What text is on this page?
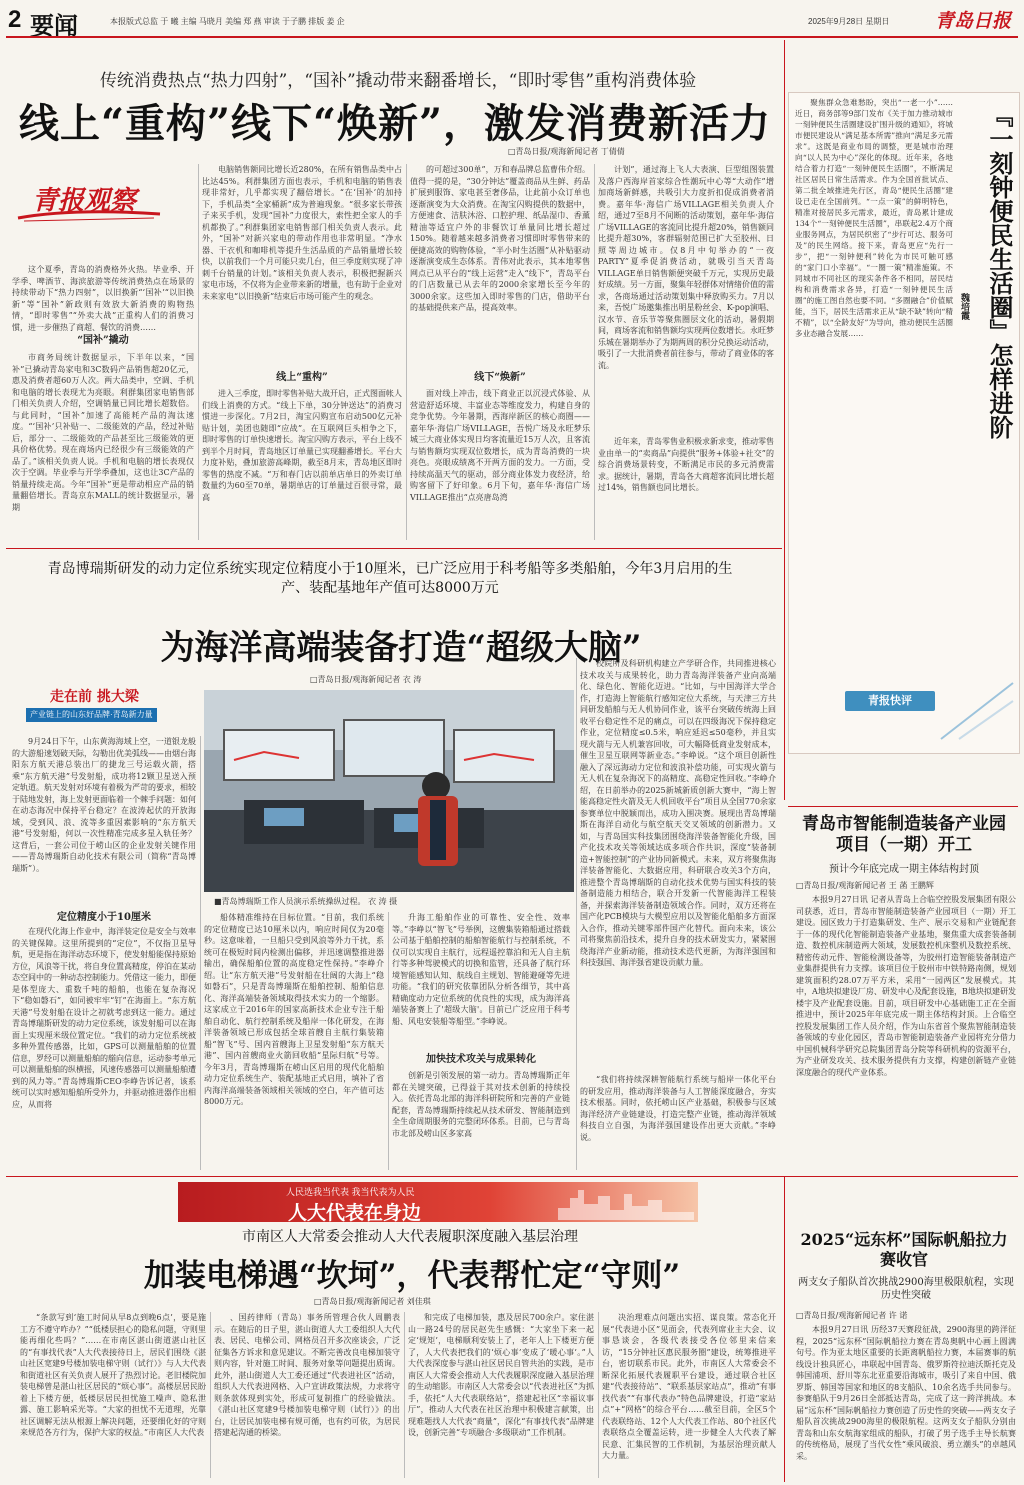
2 要闻	本报版式总监 于 曦 主编 马晓月 美编 郑 燕 审读 于子鹏 排版 姜 企	2025年9月28日 星期日 青岛日报
传统消费热点“热力四射”，“国补”撬动带来翻番增长，“即时零售”重构消费体验
线上“重构”线下“焕新”，激发消费新活力
□青岛日报/观海新闻记者 丁倩倩
青报观察

这个夏季，青岛的消费格外火热。毕业季、开学季、啤酒节、海滨旅游等传统消费热点在场景的持续带动下“热力四射”，以旧换新“‘国补’“以旧换新”等“国补”新政则有效放大新消费的购物热情，“即时零售”“外卖大战”正重构人们的消费习惯，进一步催热了商超、餐饮的消费……

“国补”撬动

市商务局统计数据显示，下半年以来，“国补”已撬动青岛家电和3C数码产品销售超20亿元，惠及消费者超60万人次。两大品类中，空调、手机和电脑的增长表现尤为亮眼。利群集团家电销售部门相关负责人介绍，空调销量已同比增长超数倍。与此同时，“国补”加速了高能耗产品的淘汰速度。“‘国补’只补贴一、二级能效的产品，经过补贴后，部分一、二级能效的产品甚至比三级能效的更具价格优势。现在商场内已经很少有三级能效的产品了。”该相关负责人说。手机和电脑的增长表现仅次于空调。毕业季与开学季叠加，这也让3C产品的销量持续走高。今年“国补”更是带动相应产品的销量翻倍增长。青岛京东MALL的统计数据显示，暑期

电脑销售额同比增长近280%，在所有销售品类中占比达45%。利群集团方面也表示，手机和电脑的销售表现非常好，几乎都实现了翻倍增长。“在‘国补’的加持下，手机品类“全家桶新”成为普遍现象。“很多家长带孩子来买手机，发现“国补”力度很大，索性把全家人的手机都换了。”利群集团家电销售部门相关负责人表示。此外，“国补”对新兴家电的带动作用也非常明显。“净水器、干衣机和咖啡机等提升生活品质的产品销量增长较快，以前我们一个月可能只卖几台，但三季度则实现了冲刺千台销量的计划。”该相关负责人表示，积极把握新兴家电市场，不仅将为企业带来新的增量，也有助于企业对未来家电“以旧换新”结束后市场可能产生的观念。

线上“重构”

进入三季度，即时零售补贴大战开启，正式图面帐人们线上消费的方式。“线上下单，30分钟送达”的消费习惯进一步深化。7月2日，淘宝闪购宣布启动500亿元补贴计划，美团也随即“应战”。在互联网巨头相争之下，即时零售的订单快速增长。淘宝闪购方表示，平台上线不到半个月时间，青岛地区订单量已实现翻番增长。平台大力度补贴，叠加旅游高峰期，截至8月末，青岛地区即时零售的热度不减。“万和春门店以前单店单日的外卖订单数量约为60至70单，暑期单店的订单量过百很寻常，最高

的可超过300单”，万和春品牌总监曹伟介绍。值得一提的是，“30分钟达”覆盖商品从生鲜、药品扩展到服饰、家电甚至奢侈品，让此前小众订单也逐渐演变为大众消费。在淘宝闪购提供的数据中，方便速食、洁肤沐浴、口腔护理、纸品湿巾、香薰精油等适宜户外的非餐饮订单量同比增长超过150%。随着越来越多消费者习惯即时零售带来的便捷高效的购物体验，“半小时生活圈”从补贴驱动逐渐演变成生态体系。青伟对此表示，其本地零售网点已从平台的“线上运营”走入“线下”，青岛平台的门店数量已从去年的2000余家增长至今年的3000余家。这些加入即时零售的门店，借助平台的基础提供来产品，提高效率。

线下“焕新”

面对线上冲击，线下商业正以沉浸式体验、从营造舒适环境、丰富业态等维度发力，构建自身的竞争优势。今年暑期，西海岸新区的核心商圈——嘉年华·海信广场VILLAGE，吾悦广场及永旺梦乐城三大商业体实现日均客流量近15万人次，且客流与销售额均实现双位数增长，成为青岛消费的一块亮色。亮眼成绩离不开两方面的发力。一方面，受持续高温天气的驱动，部分商业体发力夜经济，给购客留下了好印象。6月下旬，嘉年华·海信广场VILLAGE推出“点亮唐岛湾

计划”，通过海上飞人大表演、巨型组图装置及落户西海岸首家综合性潮玩中心等“大动作”增加商场新鲜感，共吸引大力度折扣促成消费者消费。嘉年华·海信广场VILLAGE相关负责人介绍，通过7至8月不间断的活动策划，嘉年华·海信广场VILLAGE的客流同比提升超20%，销售额同比提升超30%，客群辐射范围已扩大至胶州、日照等周边城市。仅8月中旬举办的“一夜PARTY”夏季促消费活动，就吸引当天青岛VILLAGE单日销售额便突破千万元，实现历史最好成绩。另一方面，聚集年轻群体对情绪价值的需求，各商场通过活动策划集中释放购买力。7月以来，吾悦广场邀集推出明星粉丝会、K-pop演唱、汉水节、音乐节等聚焦圈层文化的活动，暑假期间，商场客流和销售额均实现两位数增长。永旺梦乐城在暑期举办了为期两周的积分兑换运动活动，吸引了一大批消费者前往参与，带动了商业体的客流。

近年来，青岛零售业积极求新求变，推动零售业由单一的“卖商品”向提供“服务+体验+社交”的综合消费场景转变，不断满足市民的多元消费需求。据统计，暑期，青岛各大商超客流同比增长超过14%，销售额也同比增长。

『一刻钟便民生活圈』怎样进阶
魏培霞

聚焦群众急难愁盼，突出“一老一小”……近日，商务部等9部门发布《关于加力推动城市一刻钟便民生活圈建设扩围升级的通知》，将城市便民建设从“满足基本所需”推向“满足多元需求”。这既是商业布局的调整，更是城市治理向“以人民为中心”深化的体现。近年来，各地结合着力打造“一刻钟便民生活圈”，不断满足社区居民日常生活需求。作为全国首批试点、第二批全域推进先行区，青岛“便民生活圈”建设已走在全国前列。“一点一策”的鲜明特色，精准对接居民多元需求，最近，青岛累计建成134个“一刻钟便民生活圈”，串联起2.4万个商业服务网点，为居民织密了“步行可达、服务可及”的民生网络。接下来，青岛更应“先行一步”，把“一刻钟便利”转化为市民可触可感的“家门口小幸福”。“一圈一策”精准施策。不同城市不同社区的现实条件各不相同，居民结构和消费需求各异，打造“一刻钟便民生活圈”的施工图自然也要不同。“多圈融合”价值赋能，当下，居民生活需求正从“缺不缺”转向“精不精”，以“全龄友好”为导向，推动便民生活圈多业态融合发展……

青报快评
青岛博瑞斯研发的动力定位系统实现定位精度小于10厘米，已广泛应用于科考船等多类船舶，今年3月启用的生产、装配基地年产值可达8000万元
为海洋高端装备打造“超级大脑”
□青岛日报/观海新闻记者 衣 涛
走在前 挑大梁
产业链上的山东好品牌·青岛新力量

9月24日下午，山东黄海海域上空，一道银龙般的大游船速划破天际，勾勒出优美弧线——由烟台海阳东方航天港总装出厂的捷龙三号运载火箭，搭乘“东方航天港”号发射船，成功将12颗卫星送入预定轨道。航天发射对环境有着极为严苛的要求，相较于陆地发射，海上发射更面临着一个棘手问题：如何在动态海况中保持平台稳定？在波涛起伏的开放海域，受到风、浪、流等多重因素影响的“东方航天港”号发射船，何以一次性精准完成多星入轨任务？这背后，一套公司位于崂山区的企业发射关键作用——青岛博瑞斯自动化技术有限公司（简称“青岛博瑞斯”）。

定位精度小于10厘米

在现代化海上作业中，海洋装定位是安全与效率的关键保障。这里所提到的“定位”，不仅指卫星导航，更是指在海洋动态环境下，使发射船能保持原始方位，风浪等干扰，将自身位置高精度，停泊在某动态空间中的一种动态控制能力。凭借这一能力，即便是体型庞大、重数千吨的船舶，也能在复杂海况下“稳如磐石”，如同被牢牢“钉”在海面上。“东方航天港”号发射船在设计之初就考虑到这一能力。通过青岛博瑞斯研发的动力定位系统，该发射船可以在海面上实现厘米级位置定位。“我们的动力定位系统被多种外置传感器，比如，GPS可以测量船舶的位置信息，罗经可以测量船舶的艏向信息，运动参考单元可以测量船舶的纵横摇，风速传感器可以测量船舶遭到的风力等。”青岛博瑞斯CEO李峥告诉记者，该系统可以实时感知船舶所受外力，并驱动推进器作出相应，从而将

■青岛博瑞斯工作人员演示系统操纵过程。 衣 涛 摄

船体精准维持在目标位置。“目前，我们系统的定位精度已达10厘米以内，响应时间仅为20毫秒。这意味着，一旦船只受到风浪等外力干扰，系统可在极短时间内检测出偏移，并迅速调整推进器输出，确保船舶位置的高度稳定性保持。”李峥介绍。让“东方航天港”号发射船在壮阔的大海上“稳如磐石”，只是青岛博瑞斯在船舶控制、船舶信息化、海洋高端装备领域取得技术实力的一个缩影。这家成立于2016年的国家高新技术企业专注于船舶自动化、航行控制系统及船岸一体化研发，在海洋装备领域已形成包括全球首艘自主航行集装箱船“智飞”号、国内首艘海上卫星发射船“东方航天港”、国内首艘商业火箭回收船“星际归航”号等。今年3月，青岛博瑞斯在崂山区启用的现代化船舶动力定位系统生产、装配基地正式启用，填补了省内海洋高端装备领域相关领域的空白，年产值可达8000万元。

升海工船舶作业的可靠性、安全性、效率等。”李峥以“智飞”号举例，这艘集装箱船通过搭载公司基于船舶控制的船舶智能航行与控制系统，不仅可以实现自主航行，远程遥控靠泊和无人自主航行等多种驾驶模式的切换和监管，还具备了航行环境智能感知认知、航线自主规划、智能避碰等先进功能。“我们的研究依靠团队分析各细节，其中高精确度动力定位系统的优良性的实现，成为海洋高端装备赛上了'超级大脑'。目前已广泛应用于科考船、风电安装船等船型。”李峥说。

加快技术攻关与成果转化

创新是引领发展的第一动力。青岛博瑞斯正年都在关键突破，已得益于其对技术创新的持续投入。依托青岛北部的海洋科研院所和完善的产业链配套，青岛博瑞斯持续起从技术研发、智能制造到全生命周期服务的完整闭环体系。目前，已与青岛市北部及崂山区多家高

校院所及科研机构建立产学研合作，共同推进核心技术攻关与成果转化，助力青岛海洋装备产业向高端化、绿色化、智能化迈进。“比如，与中国海洋大学合作，打造海上智能航行感知定位大系统，与天津三方共同研发船舶与无人机协同作业，该平台突破传统海上回收平台稳定性不足的痛点，可以在四级海况下保持稳定作业，定位精度≤0.5米，响应延迟≤50毫秒，并且实现火箭与无人机兼容回收，可大幅降低商业发射成本，催生卫星互联网等新业态。”李峥说。“这个项目创新性融入了深远海动力定位和波浪补偿功能，可实现火箭与无人机在复杂海况下的高精度、高稳定性回收。”李峥介绍，在日前举办的2025新城新质创新大赛中，“海上智能高稳定性火箭及无人机回收平台”项目从全国770余家参赛单位中脱颖而出，成功入围决赛。展现出青岛博瑞斯在海洋自动化与航空航天交叉领域的创新潜力。又如，与青岛国实科技集团围绕海洋装备智能化升级，国产化技术攻关等领域达成多项合作共识，深度“装备制造+智能控制”的产业协同新模式。未来，双方将聚焦海洋装备智能化、大数据应用，科研联合攻关3个方向，推进整个青岛博瑞斯的自动化技术优势与国实科技的装备制造能力相结合，联合开发新一代智能海洋工程装备，并探索海洋装备制造领域合作。同时，双方还将在国产化PCB模块与大模型应用以及智能化船舶多方面深入合作，推动关键零部件国产化替代。面向未来，该公司将聚焦前沿技术，提升自身的技术研发实力，紧紧围绕海洋产业新动能，推动技术迭代更新，为海洋强国和科技强国、海洋强省建设贡献力量。

“我们将持续深耕智能航行系统与船岸一体化平台的研发应用，推动海洋装备与人工智能深度融合，夯实技术根基。同时，依托崂山区产业基础，积极参与区域海洋经济产业链建设，打造完整产业链，推动海洋领域科技自立自强，为海洋强国建设作出更大贡献。”李峥说。

青岛市智能制造装备产业园项目（一期）开工
预计今年底完成一期主体结构封顶
□青岛日报/观海新闻记者 王 菡 王鹏辉

本报9月27日讯 记者从青岛上合临空控股发展集团有限公司获悉，近日，青岛市智能制造装备产业园项目（一期）开工建设。园区致力于打造集研发、生产、展示交易和产业链配套于一体的现代化智能制造装备产业基地，聚焦重大成套装备制造、数控机床制造两大领域，发展数控机床整机及数控系统、精密传动元件、智能检测设备等，为胶州打造智能装备制造产业集群提供有力支撑。该项目位于胶州市中铁特路南侧，规划建筑面积约28.07万平方米，采用“一园两区”发展模式。其中，A地块拟建设厂房、研发中心及配套设施，B地块拟建研发楼宇及产业配套设施。目前，项目研发中心基础施工正在全面推进中，预计2025年年底完成一期主体结构封顶。上合临空控股发展集团工作人员介绍，作为山东省首个聚焦智能制造装备领域的专业化园区，青岛市智能制造装备产业园将充分借力中国机械科学研究总院集团青岛分院等科研机构的资源平台，为产业研发攻关、技术服务提供有力支撑，构建创新链产业链深度融合的现代产业体系。

人民选我当代表 我当代表为人民
人大代表在身边
市南区人大常委会推动人大代表履职深度融入基层治理
加装电梯遇“坎坷”，代表帮忙定“守则”
□青岛日报/观海新闻记者 刘佳琪

“条款写到‘施工时间从早8点到晚6点’，要是施工方不遵守咋办？”“低楼层担心的隐私问题，守则里能再细化些吗？”……在市南区湛山街道湛山社区的“有事找代表”人大代表接待日上，居民们围绕《湛山社区宽建9号楼加装电梯守则（试行）》与人大代表和街道社区有关负责人展开了热烈讨论。老旧楼院加装电梯曾是湛山社区居民的“烦心事”。高楼层居民盼着上下楼方便，低楼层居民担忧施工噪声、隐私泄露、施工影响采光等。“大家的担忧不无道理，光靠社区调解无法从根源上解决问题，还要细化好的守则来规范各方行为，保护大家的权益。”市南区人大代表

、国药律师（青岛）事务所管理合伙人周鹏表示。在随后的日子里，湛山街道人大工委组织人大代表、居民、电梯公司、网格员召开多次座谈会，广泛征集各方诉求和意见建议。不断完善改良电梯加装守则内容，针对施工时间、服务对象等问题提出质询。此外，湛山街道人大工委还通过“代表进社区”活动，组织人大代表进网格、入户宣讲政策法规，力求将守则条款体现到实处，形成可复制推广的经验做法。《湛山社区宽建9号楼加装电梯守则（试行）》的出台，让居民加装电梯有规可循，也有约可依，为居民搭建起沟通的桥梁。

和完成了电梯加装，惠及居民700余户。家住湛山一路24号的居民赵先生感慨：“大家坐下来一起定‘规矩’，电梯顺利安装上了，老年人上下楼更方便了，人大代表把我们的‘烦心事’变成了‘暖心事’。”人大代表深度参与湛山社区居民自管共治的实践，是市南区人大常委会推动人大代表履职深度融入基层治理的生动缩影。市南区人大常委会以“代表进社区”为抓手，依托“人大代表联络站”，搭建起社区“幸福议事厅”，推动人大代表在社区治理中积极建言献策，出现难题找人大代表“商量”，深化“有事找代表”品牌建设，创新完善“专项融合·多级联动”工作机制。

决治理难点问题出实招、谋良策。常态化开展“代表进小区”见面会，代表列席业主大会、议事恳谈会，各级代表接受各位邻里来信来访，“15分钟社区惠民服务圈”建设，统筹推进平台，密切联系市民。此外，市南区人大常委会不断深化拓展代表履职平台建设，通过联合社区建“代表接待站”、“联系基层家站点”，推动“有事找代表”“有事代表办”特色品牌建设，打造“家站点”+“网格”的综合平台……截至目前，全区5个代表联络站、12个人大代表工作站、80个社区代表联络点全覆盖运转，进一步健全人大代表了解民意、汇集民智的工作机制，为基层治理贡献人大力量。

2025“远东杯”国际帆船拉力赛收官
两支女子船队首次挑战2900海里极限航程，实现历史性突破
□青岛日报/观海新闻记者 许 诺

本报9月27日讯 历经37天赛段征战，2900海里的跨洋征程，2025“远东杯”国际帆船拉力赛在青岛奥帆中心画上圆满句号。作为亚太地区重要的长距离帆船拉力赛，本届赛事的航线设计独具匠心，串联起中国青岛、俄罗斯符拉迪沃斯托克及韩国浦项、舒川等东北亚重要沿海城市，吸引了来自中国、俄罗斯、韩国等国家和地区的8支船队、10余名选手共同参与。参赛船队于9月26日全部抵达青岛，完成了这一跨洋挑战。本届“远东杯”国际帆船拉力赛创造了历史性的突破——两支女子船队首次挑战2900海里的极限航程。这两支女子船队分别由青岛和山东女航海家组成的船队，打破了男子选手主导长航赛的传统格局，展现了当代女性“乘风破浪、勇立潮头”的卓越风采。
